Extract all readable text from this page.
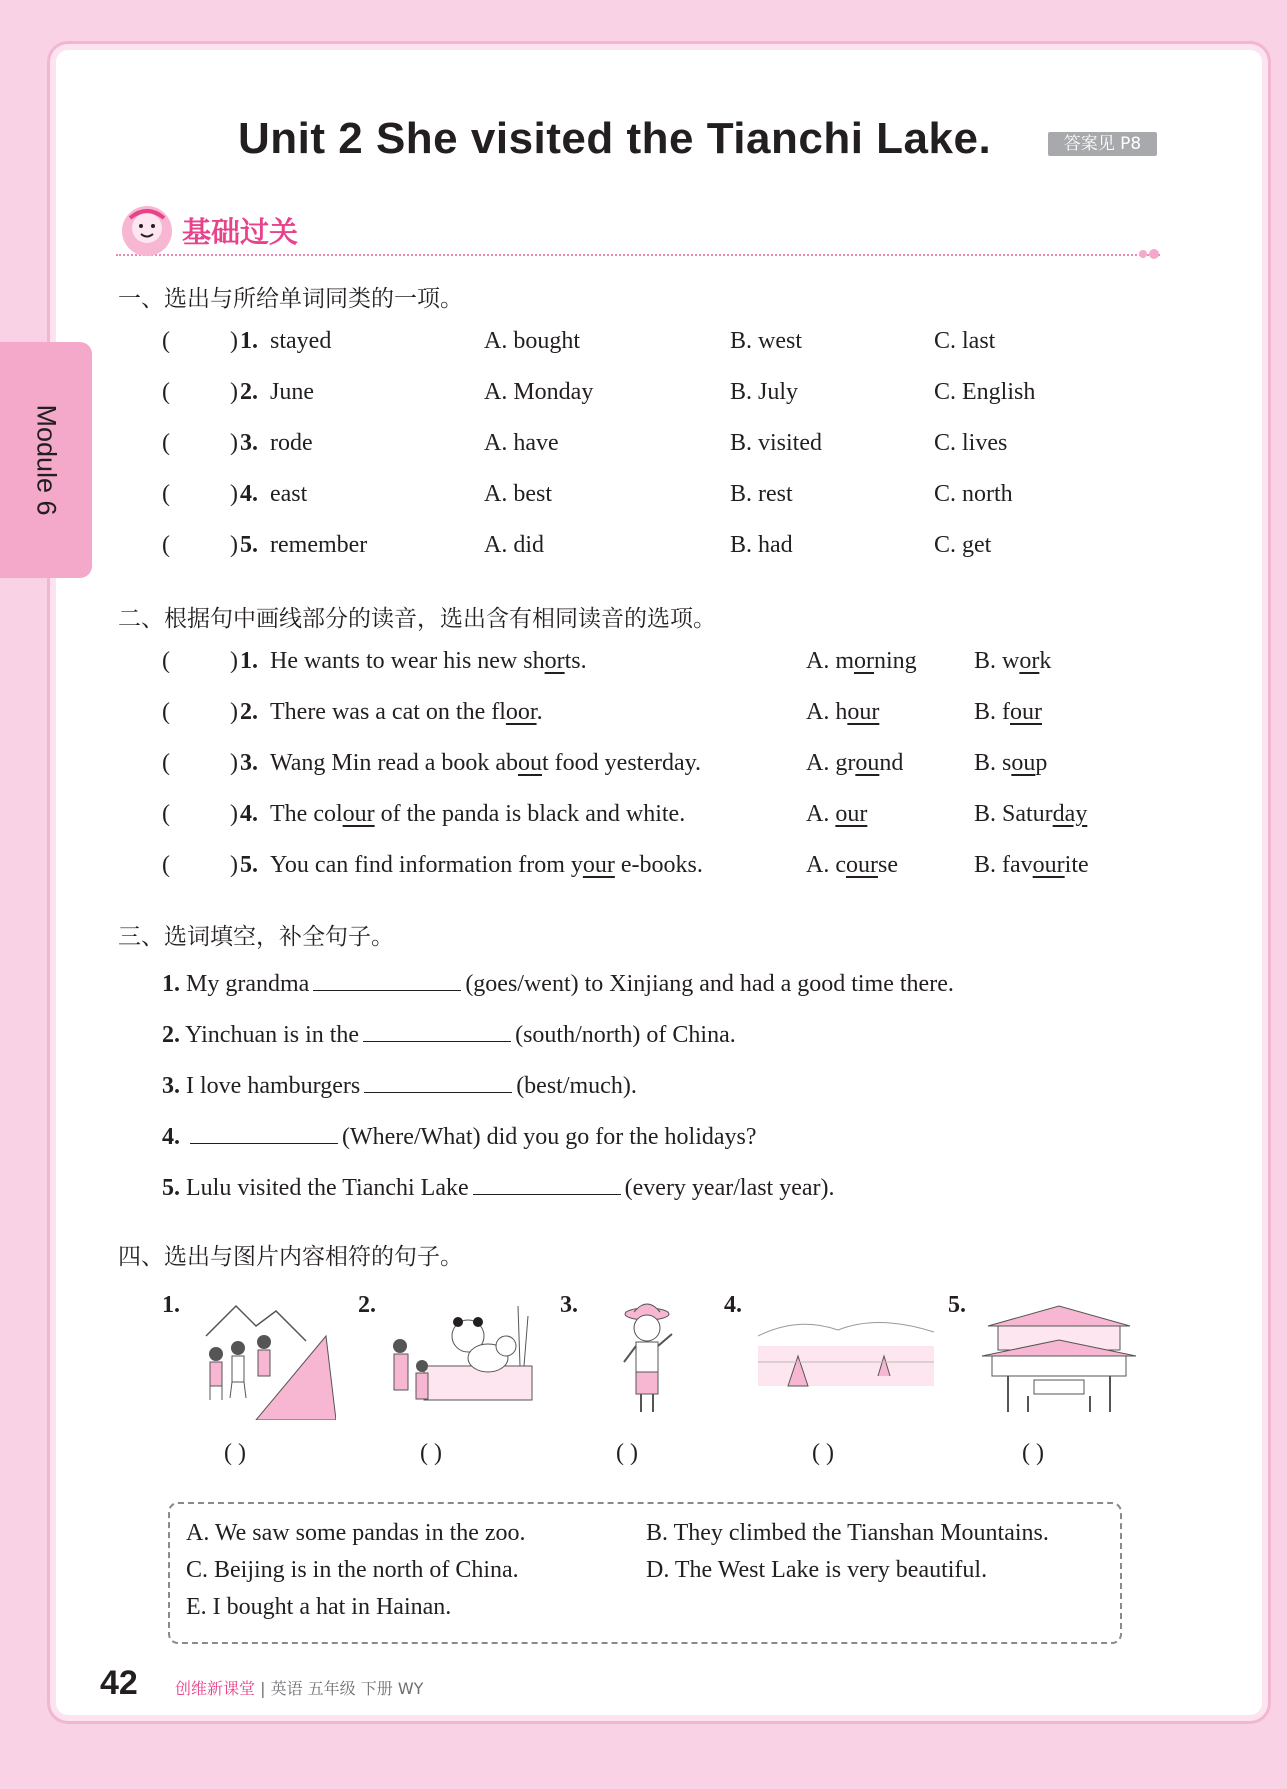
Module 6
Unit 2 She visited the Tianchi Lake.	答案见 P8
基础过关
一、选出与所给单词同类的一项。
(	) 1. stayed	A. bought	B. west	C. last
(	) 2. June	A. Monday	B. July	C. English
(	) 3. rode	A. have	B. visited	C. lives
(	) 4. east	A. best	B. rest	C. north
(	) 5. remember	A. did	B. had	C. get
二、根据句中画线部分的读音，选出含有相同读音的选项。
(	) 1. He wants to wear his new shorts.	A. morning B. work
(	) 2. There was a cat on the floor.	A. hour	B. four
(	) 3. Wang Min read a book about food yesterday.	A. ground	B. soup
(	) 4. The colour of the panda is black and white.	A. our	B. Saturday
(	) 5. You can find information from your e-books.	A. course	B. favourite
三、选词填空，补全句子。
1. My grandma	(goes/went) to Xinjiang and had a good time there.
2. Yinchuan is in the	(south/north) of China.
3. I love hamburgers	(best/much).
4.	(Where/What) did you go for the holidays?
5. Lulu visited the Tianchi Lake	(every year/last year).
四、选出与图片内容相符的句子。
1.	2.	3.	4.	5.
( )	( )	( )	( )	( )
A. We saw some pandas in the zoo.	B. They climbed the Tianshan Mountains.
C. Beijing is in the north of China.	D. The West Lake is very beautiful.
E. I bought a hat in Hainan.
42 创维新课堂 | 英语 五年级 下册 WY
